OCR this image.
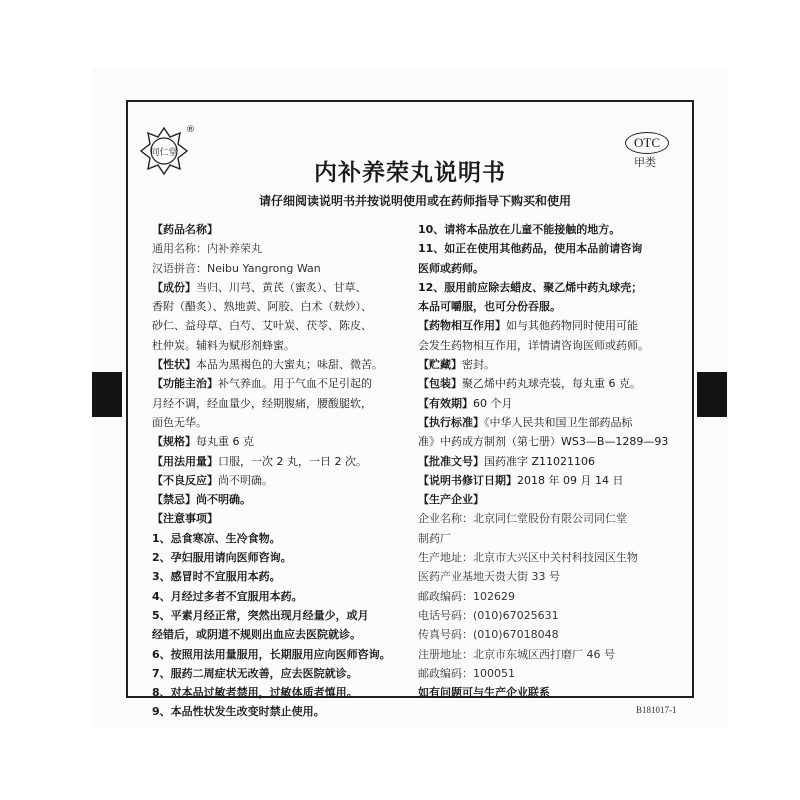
同仁堂
®
OTC
甲类
内补养荣丸说明书
请仔细阅读说明书并按说明使用或在药师指导下购买和使用

【药品名称】

通用名称：内补养荣丸

汉语拼音：Neibu Yangrong Wan

【成份】当归、川芎、黄芪（蜜炙）、甘草、

香附（醋炙）、熟地黄、阿胶、白术（麸炒）、

砂仁、益母草、白芍、艾叶炭、茯苓、陈皮、

杜仲炭。辅料为赋形剂蜂蜜。

【性状】本品为黑褐色的大蜜丸；味甜、微苦。

【功能主治】补气养血。用于气血不足引起的

月经不调，经血量少，经期腹痛，腰酸腿软，

面色无华。

【规格】每丸重 6 克

【用法用量】口服，一次 2 丸，一日 2 次。

【不良反应】尚不明确。

【禁忌】尚不明确。

【注意事项】

1、忌食寒凉、生冷食物。

2、孕妇服用请向医师咨询。

3、感冒时不宜服用本药。

4、月经过多者不宜服用本药。

5、平素月经正常，突然出现月经量少，或月

经错后，或阴道不规则出血应去医院就诊。

6、按照用法用量服用，长期服用应向医师咨询。

7、服药二周症状无改善，应去医院就诊。

8、对本品过敏者禁用，过敏体质者慎用。

9、本品性状发生改变时禁止使用。

10、请将本品放在儿童不能接触的地方。

11、如正在使用其他药品，使用本品前请咨询

医师或药师。

12、服用前应除去蜡皮、聚乙烯中药丸球壳；

本品可嚼服，也可分份吞服。

【药物相互作用】如与其他药物同时使用可能

会发生药物相互作用，详情请咨询医师或药师。

【贮藏】密封。

【包装】聚乙烯中药丸球壳装，每丸重 6 克。

【有效期】60 个月

【执行标准】《中华人民共和国卫生部药品标

准》中药成方制剂（第七册）WS3—B—1289—93

【批准文号】国药准字 Z11021106

【说明书修订日期】2018 年 09 月 14 日

【生产企业】

企业名称：北京同仁堂股份有限公司同仁堂

制药厂

生产地址：北京市大兴区中关村科技园区生物

医药产业基地天贵大街 33 号

邮政编码：102629

电话号码：(010)67025631

传真号码：(010)67018048

注册地址：北京市东城区西打磨厂 46 号

邮政编码：100051

如有问题可与生产企业联系

B181017-1
